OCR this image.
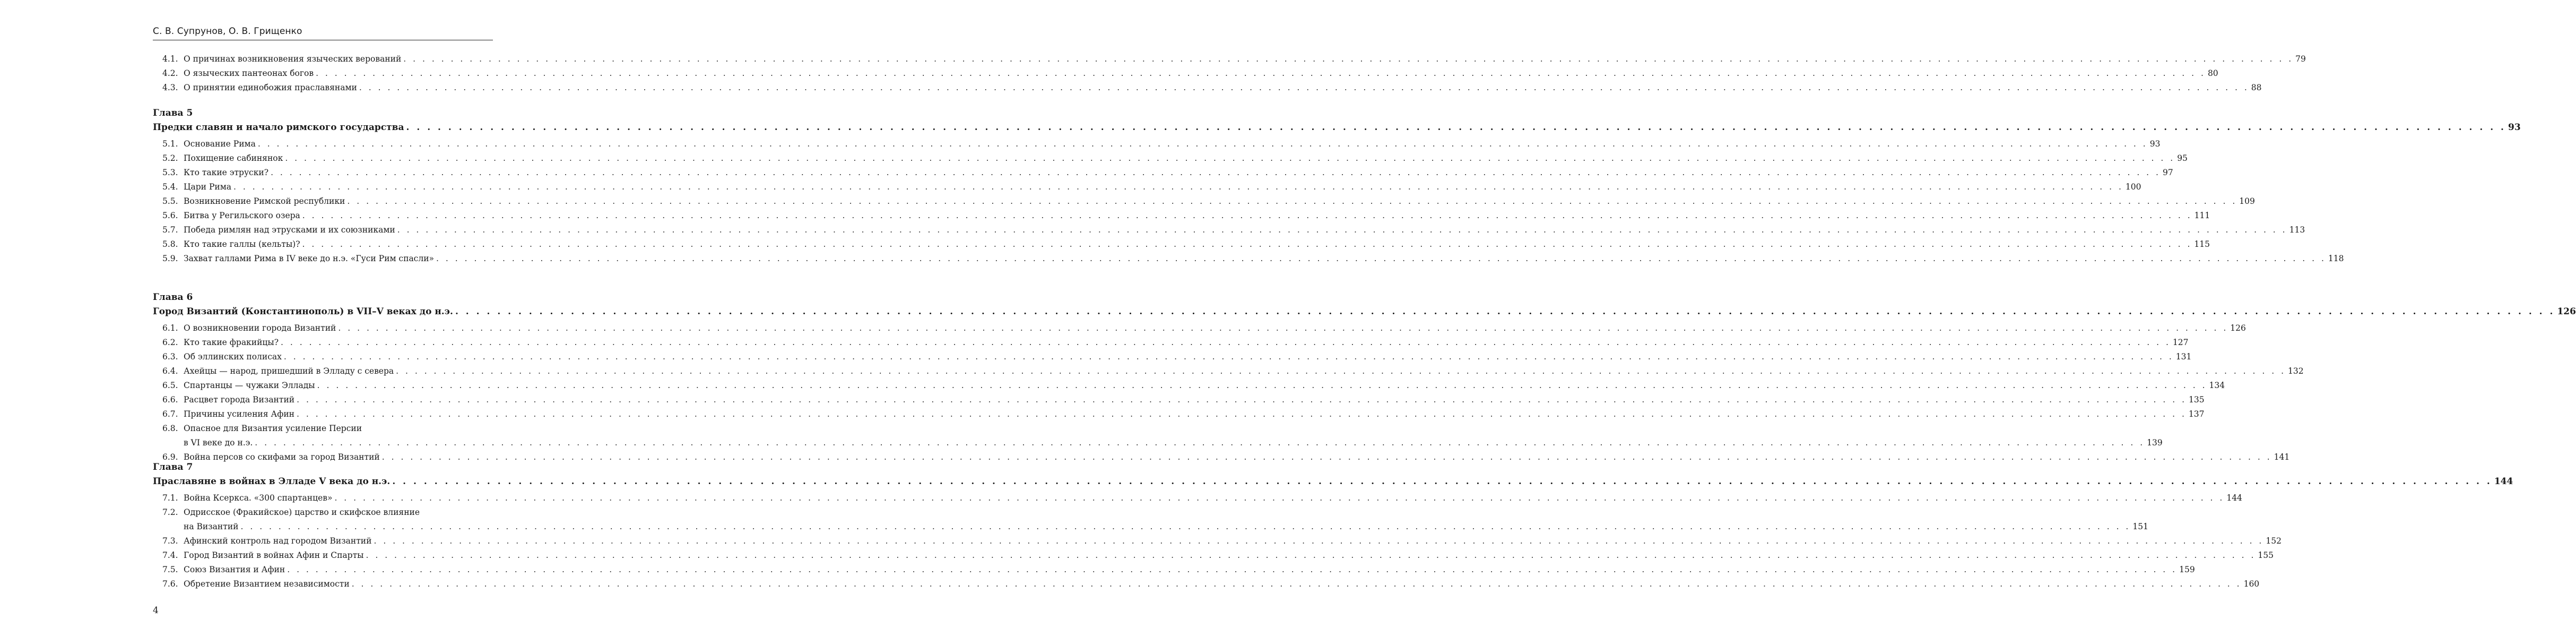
С. В. Супрунов, О. В. Грищенко
4.1. О причинах возникновения языческих верований . . . . . . . . . . . . . . . . . . . . . . . . . . . . . . . . . . . . . . . . . . . . . . . . . . . . . . . . . . . . . . . . . . . . . . . . . . . . . . . . . . . . . . . . . . . . . . . . . . . . . . . . . . . . . . . . . . . . . . . . . . . . . . . . . . . . . . . . . . . . . . . . . . . . . . . . . . . . . . . . . . . . . . . . . . . . . . . . . . . . . . . . . . . . . . . . . . . . . . . . 79
4.2. О языческих пантеонах богов . . . . . . . . . . . . . . . . . . . . . . . . . . . . . . . . . . . . . . . . . . . . . . . . . . . . . . . . . . . . . . . . . . . . . . . . . . . . . . . . . . . . . . . . . . . . . . . . . . . . . . . . . . . . . . . . . . . . . . . . . . . . . . . . . . . . . . . . . . . . . . . . . . . . . . . . . . . . . . . . . . . . . . . . . . . . . . . . . . . . . . . . . . . . . . . . . . . . . . . . 80
4.3. О принятии единобожия праславянами . . . . . . . . . . . . . . . . . . . . . . . . . . . . . . . . . . . . . . . . . . . . . . . . . . . . . . . . . . . . . . . . . . . . . . . . . . . . . . . . . . . . . . . . . . . . . . . . . . . . . . . . . . . . . . . . . . . . . . . . . . . . . . . . . . . . . . . . . . . . . . . . . . . . . . . . . . . . . . . . . . . . . . . . . . . . . . . . . . . . . . . . . . . . . . . . . . . . . . . . 88
Глава 5
Предки славян и начало римского государства . . . . . . . . . . . . . . . . . . . . . . . . . . . . . . . . . . . . . . . . . . . . . . . . . . . . . . . . . . . . . . . . . . . . . . . . . . . . . . . . . . . . . . . . . . . . . . . . . . . . . . . . . . . . . . . . . . . . . . . . . . . . . . . . . . . . . . . . . . . . . . . . . . . . . . . . . . . . . . . . . . . . . . . . . . . . . . . . . . . . . . . . . . . . . . . . . . . . . . . . 93
5.1. Основание Рима . . . . . . . . . . . . . . . . . . . . . . . . . . . . . . . . . . . . . . . . . . . . . . . . . . . . . . . . . . . . . . . . . . . . . . . . . . . . . . . . . . . . . . . . . . . . . . . . . . . . . . . . . . . . . . . . . . . . . . . . . . . . . . . . . . . . . . . . . . . . . . . . . . . . . . . . . . . . . . . . . . . . . . . . . . . . . . . . . . . . . . . . . . . . . . . . . . . . . . . . 93
5.2. Похищение сабинянок . . . . . . . . . . . . . . . . . . . . . . . . . . . . . . . . . . . . . . . . . . . . . . . . . . . . . . . . . . . . . . . . . . . . . . . . . . . . . . . . . . . . . . . . . . . . . . . . . . . . . . . . . . . . . . . . . . . . . . . . . . . . . . . . . . . . . . . . . . . . . . . . . . . . . . . . . . . . . . . . . . . . . . . . . . . . . . . . . . . . . . . . . . . . . . . . . . . . . . . . 95
5.3. Кто такие этруски? . . . . . . . . . . . . . . . . . . . . . . . . . . . . . . . . . . . . . . . . . . . . . . . . . . . . . . . . . . . . . . . . . . . . . . . . . . . . . . . . . . . . . . . . . . . . . . . . . . . . . . . . . . . . . . . . . . . . . . . . . . . . . . . . . . . . . . . . . . . . . . . . . . . . . . . . . . . . . . . . . . . . . . . . . . . . . . . . . . . . . . . . . . . . . . . . . . . . . . . . 97
5.4. Цари Рима . . . . . . . . . . . . . . . . . . . . . . . . . . . . . . . . . . . . . . . . . . . . . . . . . . . . . . . . . . . . . . . . . . . . . . . . . . . . . . . . . . . . . . . . . . . . . . . . . . . . . . . . . . . . . . . . . . . . . . . . . . . . . . . . . . . . . . . . . . . . . . . . . . . . . . . . . . . . . . . . . . . . . . . . . . . . . . . . . . . . . . . . . . . . . . . . . . . . . . . . 100
5.5. Возникновение Римской республики . . . . . . . . . . . . . . . . . . . . . . . . . . . . . . . . . . . . . . . . . . . . . . . . . . . . . . . . . . . . . . . . . . . . . . . . . . . . . . . . . . . . . . . . . . . . . . . . . . . . . . . . . . . . . . . . . . . . . . . . . . . . . . . . . . . . . . . . . . . . . . . . . . . . . . . . . . . . . . . . . . . . . . . . . . . . . . . . . . . . . . . . . . . . . . . . . . . . . . . . 109
5.6. Битва у Регильского озера . . . . . . . . . . . . . . . . . . . . . . . . . . . . . . . . . . . . . . . . . . . . . . . . . . . . . . . . . . . . . . . . . . . . . . . . . . . . . . . . . . . . . . . . . . . . . . . . . . . . . . . . . . . . . . . . . . . . . . . . . . . . . . . . . . . . . . . . . . . . . . . . . . . . . . . . . . . . . . . . . . . . . . . . . . . . . . . . . . . . . . . . . . . . . . . . . . . . . . . . 111
5.7. Победа римлян над этрусками и их союзниками . . . . . . . . . . . . . . . . . . . . . . . . . . . . . . . . . . . . . . . . . . . . . . . . . . . . . . . . . . . . . . . . . . . . . . . . . . . . . . . . . . . . . . . . . . . . . . . . . . . . . . . . . . . . . . . . . . . . . . . . . . . . . . . . . . . . . . . . . . . . . . . . . . . . . . . . . . . . . . . . . . . . . . . . . . . . . . . . . . . . . . . . . . . . . . . . . . . . . . . . 113
5.8. Кто такие галлы (кельты)? . . . . . . . . . . . . . . . . . . . . . . . . . . . . . . . . . . . . . . . . . . . . . . . . . . . . . . . . . . . . . . . . . . . . . . . . . . . . . . . . . . . . . . . . . . . . . . . . . . . . . . . . . . . . . . . . . . . . . . . . . . . . . . . . . . . . . . . . . . . . . . . . . . . . . . . . . . . . . . . . . . . . . . . . . . . . . . . . . . . . . . . . . . . . . . . . . . . . . . . . 115
5.9. Захват галлами Рима в IV веке до н.э. «Гуси Рим спасли» . . . . . . . . . . . . . . . . . . . . . . . . . . . . . . . . . . . . . . . . . . . . . . . . . . . . . . . . . . . . . . . . . . . . . . . . . . . . . . . . . . . . . . . . . . . . . . . . . . . . . . . . . . . . . . . . . . . . . . . . . . . . . . . . . . . . . . . . . . . . . . . . . . . . . . . . . . . . . . . . . . . . . . . . . . . . . . . . . . . . . . . . . . . . . . . . . . . . . . . . 118
Глава 6
Город Византий (Константинополь) в VII–V веках до н.э. . . . . . . . . . . . . . . . . . . . . . . . . . . . . . . . . . . . . . . . . . . . . . . . . . . . . . . . . . . . . . . . . . . . . . . . . . . . . . . . . . . . . . . . . . . . . . . . . . . . . . . . . . . . . . . . . . . . . . . . . . . . . . . . . . . . . . . . . . . . . . . . . . . . . . . . . . . . . . . . . . . . . . . . . . . . . . . . . . . . . . . . . . . . . . . . . . . . . . . . . 126
6.1. О возникновении города Византий . . . . . . . . . . . . . . . . . . . . . . . . . . . . . . . . . . . . . . . . . . . . . . . . . . . . . . . . . . . . . . . . . . . . . . . . . . . . . . . . . . . . . . . . . . . . . . . . . . . . . . . . . . . . . . . . . . . . . . . . . . . . . . . . . . . . . . . . . . . . . . . . . . . . . . . . . . . . . . . . . . . . . . . . . . . . . . . . . . . . . . . . . . . . . . . . . . . . . . . . 126
6.2. Кто такие фракийцы? . . . . . . . . . . . . . . . . . . . . . . . . . . . . . . . . . . . . . . . . . . . . . . . . . . . . . . . . . . . . . . . . . . . . . . . . . . . . . . . . . . . . . . . . . . . . . . . . . . . . . . . . . . . . . . . . . . . . . . . . . . . . . . . . . . . . . . . . . . . . . . . . . . . . . . . . . . . . . . . . . . . . . . . . . . . . . . . . . . . . . . . . . . . . . . . . . . . . . . . . 127
6.3. Об эллинских полисах . . . . . . . . . . . . . . . . . . . . . . . . . . . . . . . . . . . . . . . . . . . . . . . . . . . . . . . . . . . . . . . . . . . . . . . . . . . . . . . . . . . . . . . . . . . . . . . . . . . . . . . . . . . . . . . . . . . . . . . . . . . . . . . . . . . . . . . . . . . . . . . . . . . . . . . . . . . . . . . . . . . . . . . . . . . . . . . . . . . . . . . . . . . . . . . . . . . . . . . . 131
6.4. Ахейцы — народ, пришедший в Элладу с севера . . . . . . . . . . . . . . . . . . . . . . . . . . . . . . . . . . . . . . . . . . . . . . . . . . . . . . . . . . . . . . . . . . . . . . . . . . . . . . . . . . . . . . . . . . . . . . . . . . . . . . . . . . . . . . . . . . . . . . . . . . . . . . . . . . . . . . . . . . . . . . . . . . . . . . . . . . . . . . . . . . . . . . . . . . . . . . . . . . . . . . . . . . . . . . . . . . . . . . . . 132
6.5. Спартанцы — чужаки Эллады . . . . . . . . . . . . . . . . . . . . . . . . . . . . . . . . . . . . . . . . . . . . . . . . . . . . . . . . . . . . . . . . . . . . . . . . . . . . . . . . . . . . . . . . . . . . . . . . . . . . . . . . . . . . . . . . . . . . . . . . . . . . . . . . . . . . . . . . . . . . . . . . . . . . . . . . . . . . . . . . . . . . . . . . . . . . . . . . . . . . . . . . . . . . . . . . . . . . . . . . 134
6.6. Расцвет города Византий . . . . . . . . . . . . . . . . . . . . . . . . . . . . . . . . . . . . . . . . . . . . . . . . . . . . . . . . . . . . . . . . . . . . . . . . . . . . . . . . . . . . . . . . . . . . . . . . . . . . . . . . . . . . . . . . . . . . . . . . . . . . . . . . . . . . . . . . . . . . . . . . . . . . . . . . . . . . . . . . . . . . . . . . . . . . . . . . . . . . . . . . . . . . . . . . . . . . . . . . 135
6.7. Причины усиления Афин . . . . . . . . . . . . . . . . . . . . . . . . . . . . . . . . . . . . . . . . . . . . . . . . . . . . . . . . . . . . . . . . . . . . . . . . . . . . . . . . . . . . . . . . . . . . . . . . . . . . . . . . . . . . . . . . . . . . . . . . . . . . . . . . . . . . . . . . . . . . . . . . . . . . . . . . . . . . . . . . . . . . . . . . . . . . . . . . . . . . . . . . . . . . . . . . . . . . . . . . 137
6.8. Опасное для Византия усиление Персии
в VI веке до н.э. . . . . . . . . . . . . . . . . . . . . . . . . . . . . . . . . . . . . . . . . . . . . . . . . . . . . . . . . . . . . . . . . . . . . . . . . . . . . . . . . . . . . . . . . . . . . . . . . . . . . . . . . . . . . . . . . . . . . . . . . . . . . . . . . . . . . . . . . . . . . . . . . . . . . . . . . . . . . . . . . . . . . . . . . . . . . . . . . . . . . . . . . . . . . . . . . . . . . . . . . 139
6.9. Война персов со скифами за город Византий . . . . . . . . . . . . . . . . . . . . . . . . . . . . . . . . . . . . . . . . . . . . . . . . . . . . . . . . . . . . . . . . . . . . . . . . . . . . . . . . . . . . . . . . . . . . . . . . . . . . . . . . . . . . . . . . . . . . . . . . . . . . . . . . . . . . . . . . . . . . . . . . . . . . . . . . . . . . . . . . . . . . . . . . . . . . . . . . . . . . . . . . . . . . . . . . . . . . . . . . 141
Глава 7
Праславяне в войнах в Элладе V века до н.э. . . . . . . . . . . . . . . . . . . . . . . . . . . . . . . . . . . . . . . . . . . . . . . . . . . . . . . . . . . . . . . . . . . . . . . . . . . . . . . . . . . . . . . . . . . . . . . . . . . . . . . . . . . . . . . . . . . . . . . . . . . . . . . . . . . . . . . . . . . . . . . . . . . . . . . . . . . . . . . . . . . . . . . . . . . . . . . . . . . . . . . . . . . . . . . . . . . . . . . . . 144
7.1. Война Ксеркса. «300 спартанцев» . . . . . . . . . . . . . . . . . . . . . . . . . . . . . . . . . . . . . . . . . . . . . . . . . . . . . . . . . . . . . . . . . . . . . . . . . . . . . . . . . . . . . . . . . . . . . . . . . . . . . . . . . . . . . . . . . . . . . . . . . . . . . . . . . . . . . . . . . . . . . . . . . . . . . . . . . . . . . . . . . . . . . . . . . . . . . . . . . . . . . . . . . . . . . . . . . . . . . . . . 144
7.2. Одрисское (Фракийское) царство и скифское влияние
на Византий . . . . . . . . . . . . . . . . . . . . . . . . . . . . . . . . . . . . . . . . . . . . . . . . . . . . . . . . . . . . . . . . . . . . . . . . . . . . . . . . . . . . . . . . . . . . . . . . . . . . . . . . . . . . . . . . . . . . . . . . . . . . . . . . . . . . . . . . . . . . . . . . . . . . . . . . . . . . . . . . . . . . . . . . . . . . . . . . . . . . . . . . . . . . . . . . . . . . . . . . 151
7.3. Афинский контроль над городом Византий . . . . . . . . . . . . . . . . . . . . . . . . . . . . . . . . . . . . . . . . . . . . . . . . . . . . . . . . . . . . . . . . . . . . . . . . . . . . . . . . . . . . . . . . . . . . . . . . . . . . . . . . . . . . . . . . . . . . . . . . . . . . . . . . . . . . . . . . . . . . . . . . . . . . . . . . . . . . . . . . . . . . . . . . . . . . . . . . . . . . . . . . . . . . . . . . . . . . . . . . 152
7.4. Город Византий в войнах Афин и Спарты . . . . . . . . . . . . . . . . . . . . . . . . . . . . . . . . . . . . . . . . . . . . . . . . . . . . . . . . . . . . . . . . . . . . . . . . . . . . . . . . . . . . . . . . . . . . . . . . . . . . . . . . . . . . . . . . . . . . . . . . . . . . . . . . . . . . . . . . . . . . . . . . . . . . . . . . . . . . . . . . . . . . . . . . . . . . . . . . . . . . . . . . . . . . . . . . . . . . . . . . 155
7.5. Союз Византия и Афин . . . . . . . . . . . . . . . . . . . . . . . . . . . . . . . . . . . . . . . . . . . . . . . . . . . . . . . . . . . . . . . . . . . . . . . . . . . . . . . . . . . . . . . . . . . . . . . . . . . . . . . . . . . . . . . . . . . . . . . . . . . . . . . . . . . . . . . . . . . . . . . . . . . . . . . . . . . . . . . . . . . . . . . . . . . . . . . . . . . . . . . . . . . . . . . . . . . . . . . . 159
7.6. Обретение Византием независимости . . . . . . . . . . . . . . . . . . . . . . . . . . . . . . . . . . . . . . . . . . . . . . . . . . . . . . . . . . . . . . . . . . . . . . . . . . . . . . . . . . . . . . . . . . . . . . . . . . . . . . . . . . . . . . . . . . . . . . . . . . . . . . . . . . . . . . . . . . . . . . . . . . . . . . . . . . . . . . . . . . . . . . . . . . . . . . . . . . . . . . . . . . . . . . . . . . . . . . . . 160
4
